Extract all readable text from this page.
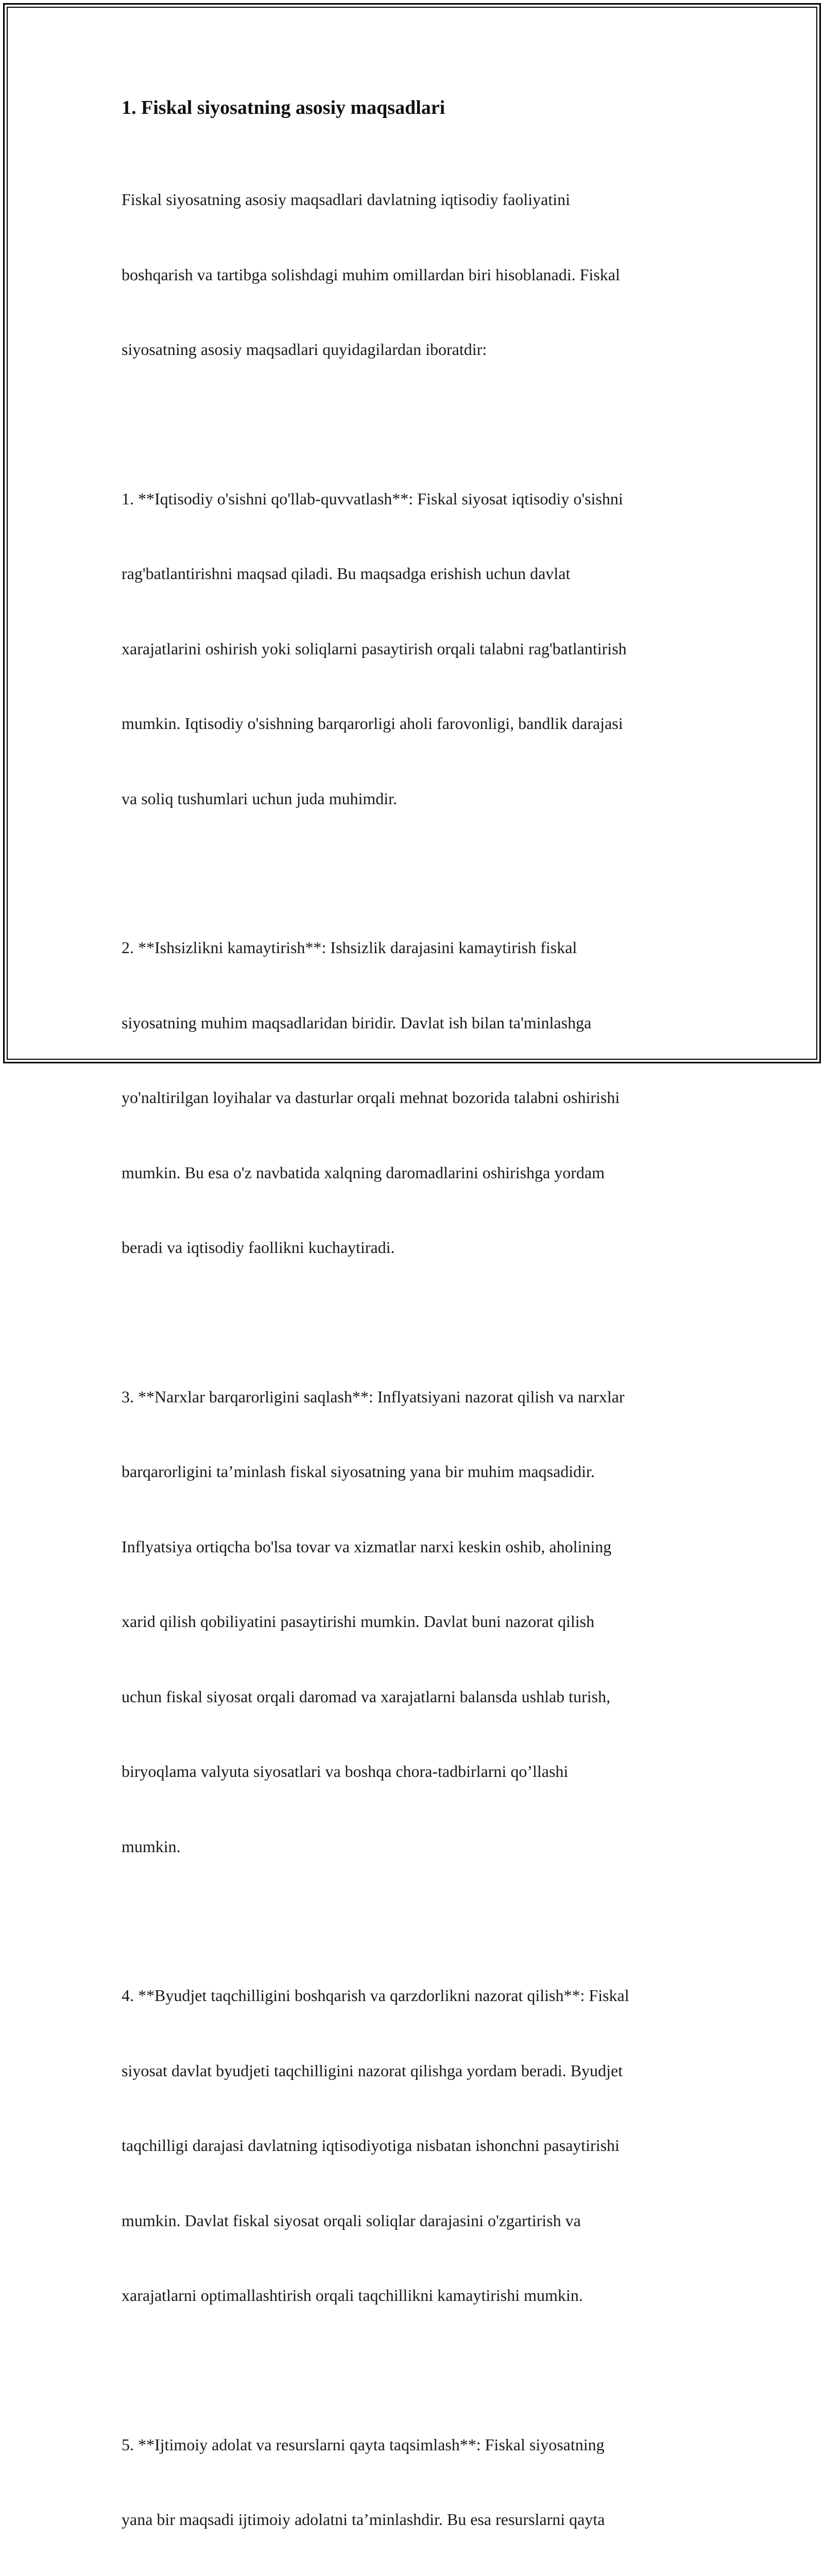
1. Fiskal siyosatning asosiy maqsadlari

Fiskal siyosatning asosiy maqsadlari davlatning iqtisodiy faoliyatini

boshqarish va tartibga solishdagi muhim omillardan biri hisoblanadi. Fiskal

siyosatning asosiy maqsadlari quyidagilardan iboratdir:

1. **Iqtisodiy o'sishni qo'llab-quvvatlash**: Fiskal siyosat iqtisodiy o'sishni

rag'batlantirishni maqsad qiladi. Bu maqsadga erishish uchun davlat

xarajatlarini oshirish yoki soliqlarni pasaytirish orqali talabni rag'batlantirish

mumkin. Iqtisodiy o'sishning barqarorligi aholi farovonligi, bandlik darajasi

va soliq tushumlari uchun juda muhimdir.

2. **Ishsizlikni kamaytirish**: Ishsizlik darajasini kamaytirish fiskal

siyosatning muhim maqsadlaridan biridir. Davlat ish bilan ta'minlashga

yo'naltirilgan loyihalar va dasturlar orqali mehnat bozorida talabni oshirishi

mumkin. Bu esa o'z navbatida xalqning daromadlarini oshirishga yordam

beradi va iqtisodiy faollikni kuchaytiradi.

3. **Narxlar barqarorligini saqlash**: Inflyatsiyani nazorat qilish va narxlar

barqarorligini ta’minlash fiskal siyosatning yana bir muhim maqsadidir.

Inflyatsiya ortiqcha bo'lsa tovar va xizmatlar narxi keskin oshib, aholining

xarid qilish qobiliyatini pasaytirishi mumkin. Davlat buni nazorat qilish

uchun fiskal siyosat orqali daromad va xarajatlarni balansda ushlab turish,

biryoqlama valyuta siyosatlari va boshqa chora-tadbirlarni qo’llashi

mumkin.

4. **Byudjet taqchilligini boshqarish va qarzdorlikni nazorat qilish**: Fiskal

siyosat davlat byudjeti taqchilligini nazorat qilishga yordam beradi. Byudjet

taqchilligi darajasi davlatning iqtisodiyotiga nisbatan ishonchni pasaytirishi

mumkin. Davlat fiskal siyosat orqali soliqlar darajasini o'zgartirish va

xarajatlarni optimallashtirish orqali taqchillikni kamaytirishi mumkin.

5. **Ijtimoiy adolat va resurslarni qayta taqsimlash**: Fiskal siyosatning

yana bir maqsadi ijtimoiy adolatni ta’minlashdir. Bu esa resurslarni qayta
